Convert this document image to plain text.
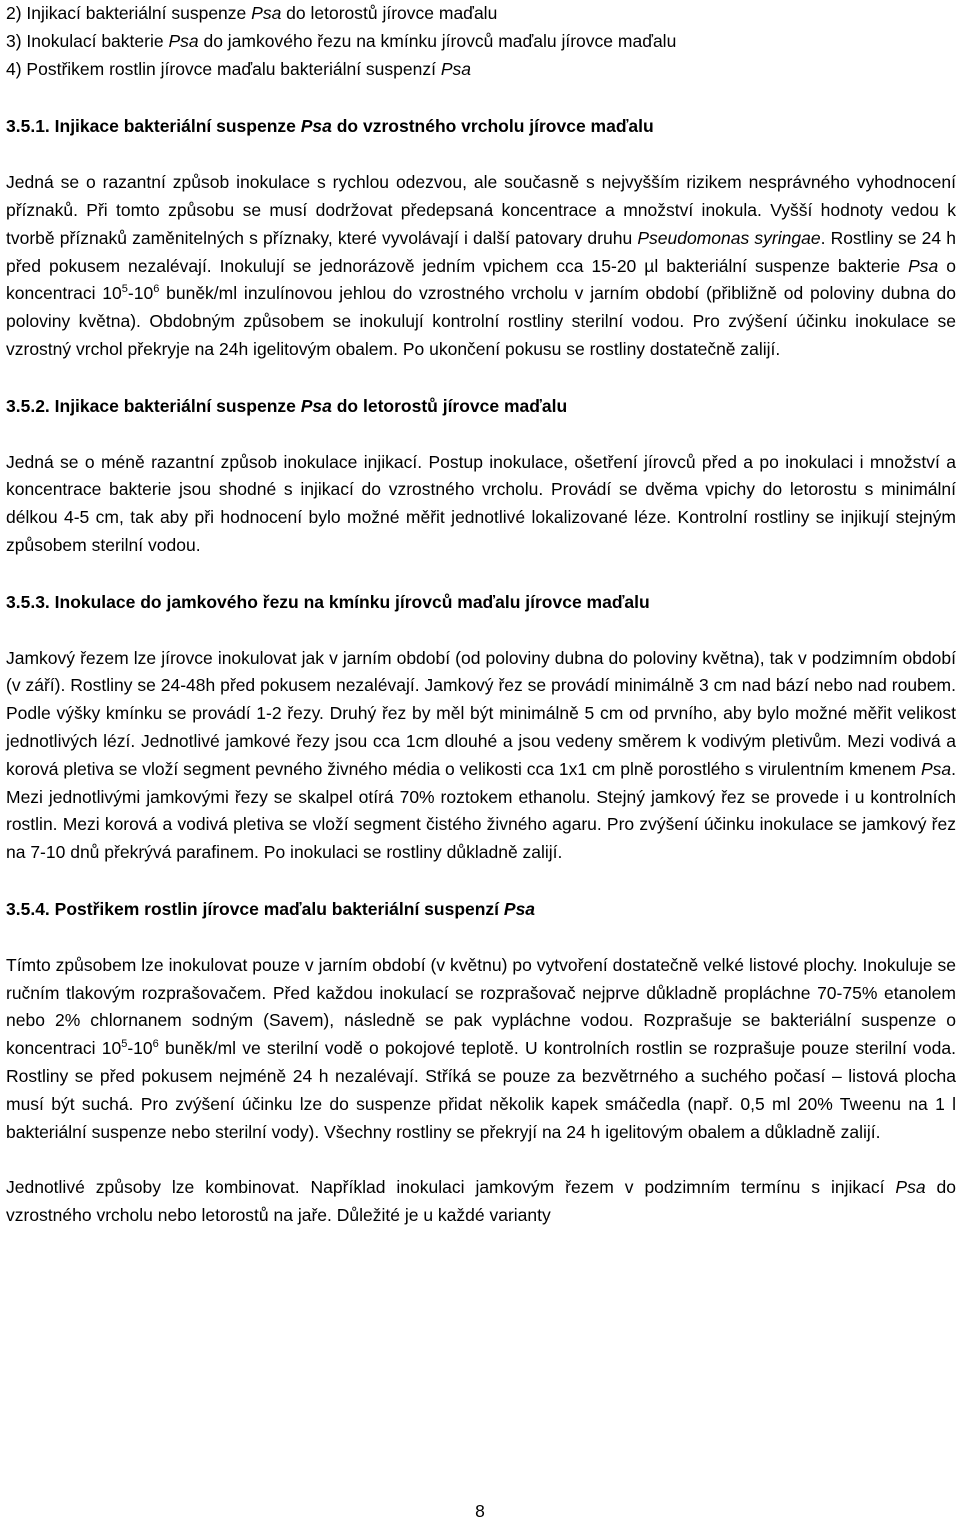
2) Injikací bakteriální suspenze Psa do letorostů jírovce maďalu

3) Inokulací bakterie Psa do jamkového řezu na kmínku jírovců maďalu jírovce maďalu

4) Postřikem rostlin jírovce maďalu bakteriální suspenzí Psa

3.5.1. Injikace bakteriální suspenze Psa do vzrostného vrcholu jírovce maďalu

Jedná se o razantní způsob inokulace s rychlou odezvou, ale současně s nejvyšším rizikem nesprávného vyhodnocení příznaků. Při tomto způsobu se musí dodržovat předepsaná koncentrace a množství inokula. Vyšší hodnoty vedou k tvorbě příznaků zaměnitelných s příznaky, které vyvolávají i další patovary druhu Pseudomonas syringae. Rostliny se 24 h před pokusem nezalévají. Inokulují se jednorázově jedním vpichem cca 15-20 µl bakteriální suspenze bakterie Psa o koncentraci $10^5-10^6$ buněk/ml inzulínovou jehlou do vzrostného vrcholu v jarním období (přibližně od poloviny dubna do poloviny května). Obdobným způsobem se inokulují kontrolní rostliny sterilní vodou. Pro zvýšení účinku inokulace se vzrostný vrchol překryje na 24h igelitovým obalem. Po ukončení pokusu se rostliny dostatečně zalijí.

3.5.2. Injikace bakteriální suspenze Psa do letorostů jírovce maďalu

Jedná se o méně razantní způsob inokulace injikací. Postup inokulace, ošetření jírovců před a po inokulaci i množství a koncentrace bakterie jsou shodné s injikací do vzrostného vrcholu. Provádí se dvěma vpichy do letorostu s minimální délkou 4-5 cm, tak aby při hodnocení bylo možné měřit jednotlivé lokalizované léze. Kontrolní rostliny se injikují stejným způsobem sterilní vodou.

3.5.3. Inokulace do jamkového řezu na kmínku jírovců maďalu jírovce maďalu

Jamkový řezem lze jírovce inokulovat jak v jarním období (od poloviny dubna do poloviny května), tak v podzimním období (v září). Rostliny se 24-48h před pokusem nezalévají. Jamkový řez se provádí minimálně 3 cm nad bází nebo nad roubem. Podle výšky kmínku se provádí 1-2 řezy. Druhý řez by měl být minimálně 5 cm od prvního, aby bylo možné měřit velikost jednotlivých lézí. Jednotlivé jamkové řezy jsou cca 1cm dlouhé a jsou vedeny směrem k vodivým pletivům. Mezi vodivá a korová pletiva se vloží segment pevného živného média o velikosti cca 1x1 cm plně porostlého s virulentním kmenem Psa. Mezi jednotlivými jamkovými řezy se skalpel otírá 70% roztokem ethanolu. Stejný jamkový řez se provede i u kontrolních rostlin. Mezi korová a vodivá pletiva se vloží segment čistého živného agaru. Pro zvýšení účinku inokulace se jamkový řez na 7-10 dnů překrývá parafinem. Po inokulaci se rostliny důkladně zalijí.

3.5.4. Postřikem rostlin jírovce maďalu bakteriální suspenzí Psa

Tímto způsobem lze inokulovat pouze v jarním období (v květnu) po vytvoření dostatečně velké listové plochy. Inokuluje se ručním tlakovým rozprašovačem. Před každou inokulací se rozprašovač nejprve důkladně propláchne 70-75% etanolem nebo 2% chlornanem sodným (Savem), následně se pak vypláchne vodou. Rozprašuje se bakteriální suspenze o koncentraci $10^5-10^6$ buněk/ml ve sterilní vodě o pokojové teplotě. U kontrolních rostlin se rozprašuje pouze sterilní voda. Rostliny se před pokusem nejméně 24 h nezalévají. Stříká se pouze za bezvětrného a suchého počasí – listová plocha musí být suchá. Pro zvýšení účinku lze do suspenze přidat několik kapek smáčedla (např. 0,5 ml 20% Tweenu na 1 l bakteriální suspenze nebo sterilní vody). Všechny rostliny se překryjí na 24 h igelitovým obalem a důkladně zalijí.

Jednotlivé způsoby lze kombinovat. Například inokulaci jamkovým řezem v podzimním termínu s injikací Psa do vzrostného vrcholu nebo letorostů na jaře. Důležité je u každé varianty

8
